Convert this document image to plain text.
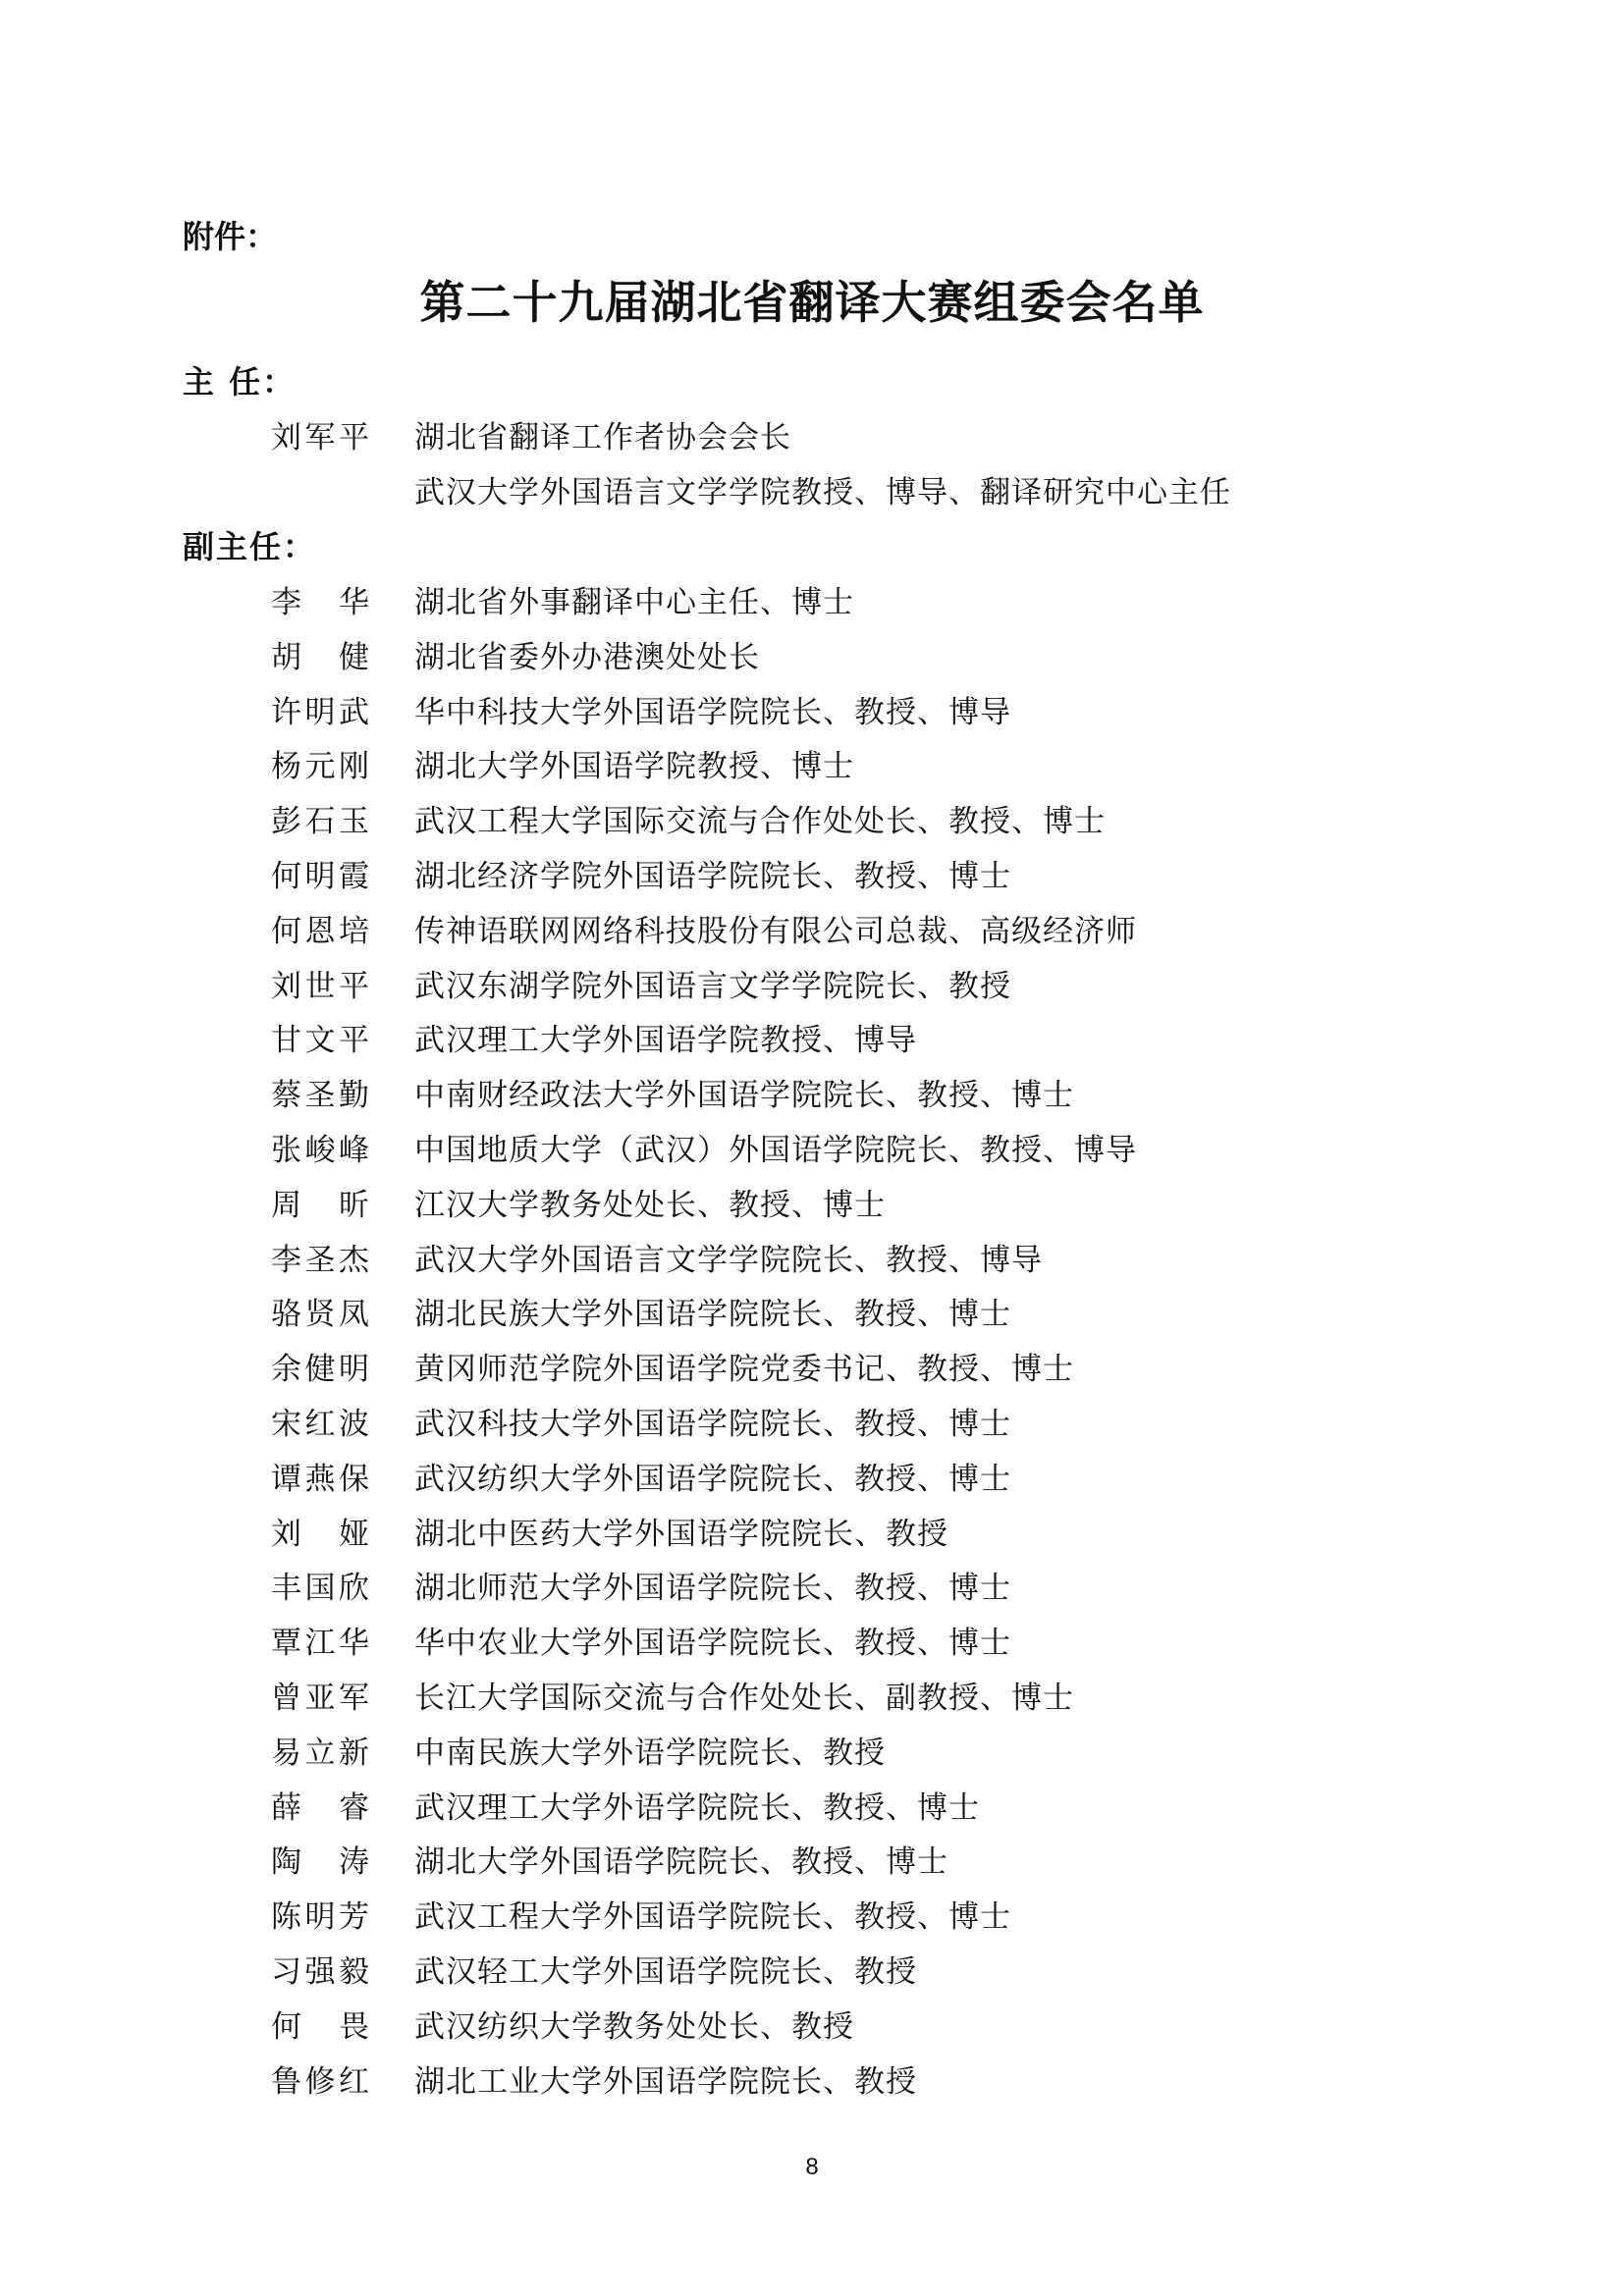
附件：
第二十九届湖北省翻译大赛组委会名单
主 任：
刘军平 湖北省翻译工作者协会会长
武汉大学外国语言文学学院教授、博导、翻译研究中心主任
副主任：
李 华 湖北省外事翻译中心主任、博士
胡 健 湖北省委外办港澳处处长
许明武 华中科技大学外国语学院院长、教授、博导
杨元刚 湖北大学外国语学院教授、博士
彭石玉 武汉工程大学国际交流与合作处处长、教授、博士
何明霞 湖北经济学院外国语学院院长、教授、博士
何恩培 传神语联网网络科技股份有限公司总裁、高级经济师
刘世平 武汉东湖学院外国语言文学学院院长、教授
甘文平 武汉理工大学外国语学院教授、博导
蔡圣勤 中南财经政法大学外国语学院院长、教授、博士
张峻峰 中国地质大学（武汉）外国语学院院长、教授、博导
周 昕 江汉大学教务处处长、教授、博士
李圣杰 武汉大学外国语言文学学院院长、教授、博导
骆贤凤 湖北民族大学外国语学院院长、教授、博士
余健明 黄冈师范学院外国语学院党委书记、教授、博士
宋红波 武汉科技大学外国语学院院长、教授、博士
谭燕保 武汉纺织大学外国语学院院长、教授、博士
刘 娅 湖北中医药大学外国语学院院长、教授
丰国欣 湖北师范大学外国语学院院长、教授、博士
覃江华 华中农业大学外国语学院院长、教授、博士
曾亚军 长江大学国际交流与合作处处长、副教授、博士
易立新 中南民族大学外语学院院长、教授
薛 睿 武汉理工大学外语学院院长、教授、博士
陶 涛 湖北大学外国语学院院长、教授、博士
陈明芳 武汉工程大学外国语学院院长、教授、博士
习强毅 武汉轻工大学外国语学院院长、教授
何 畏 武汉纺织大学教务处处长、教授
鲁修红 湖北工业大学外国语学院院长、教授
8
